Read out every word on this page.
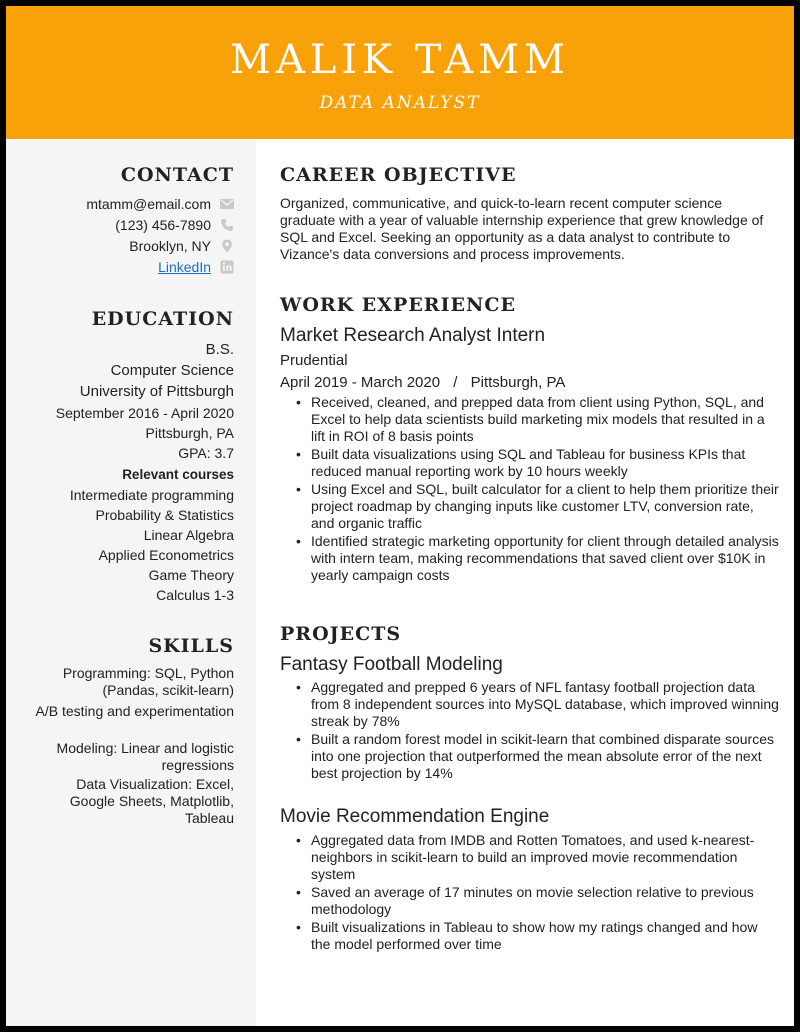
MALIK TAMM
DATA ANALYST
CONTACT
mtamm@email.com
(123) 456-7890
Brooklyn, NY
LinkedIn
EDUCATION
B.S.
Computer Science
University of Pittsburgh
September 2016 - April 2020
Pittsburgh, PA
GPA: 3.7
Relevant courses
Intermediate programming
Probability & Statistics
Linear Algebra
Applied Econometrics
Game Theory
Calculus 1-3
SKILLS
Programming: SQL, Python (Pandas, scikit-learn)
A/B testing and experimentation
Modeling: Linear and logistic regressions
Data Visualization: Excel, Google Sheets, Matplotlib, Tableau
CAREER OBJECTIVE
Organized, communicative, and quick-to-learn recent computer science graduate with a year of valuable internship experience that grew knowledge of SQL and Excel. Seeking an opportunity as a data analyst to contribute to Vizance's data conversions and process improvements.
WORK EXPERIENCE
Market Research Analyst Intern
Prudential
April 2019 - March 2020 / Pittsburgh, PA
• Received, cleaned, and prepped data from client using Python, SQL, and Excel to help data scientists build marketing mix models that resulted in a lift in ROI of 8 basis points
• Built data visualizations using SQL and Tableau for business KPIs that reduced manual reporting work by 10 hours weekly
• Using Excel and SQL, built calculator for a client to help them prioritize their project roadmap by changing inputs like customer LTV, conversion rate, and organic traffic
• Identified strategic marketing opportunity for client through detailed analysis with intern team, making recommendations that saved client over $10K in yearly campaign costs
PROJECTS
Fantasy Football Modeling
• Aggregated and prepped 6 years of NFL fantasy football projection data from 8 independent sources into MySQL database, which improved winning streak by 78%
• Built a random forest model in scikit-learn that combined disparate sources into one projection that outperformed the mean absolute error of the next best projection by 14%
Movie Recommendation Engine
• Aggregated data from IMDB and Rotten Tomatoes, and used k-nearest-neighbors in scikit-learn to build an improved movie recommendation system
• Saved an average of 17 minutes on movie selection relative to previous methodology
• Built visualizations in Tableau to show how my ratings changed and how the model performed over time
